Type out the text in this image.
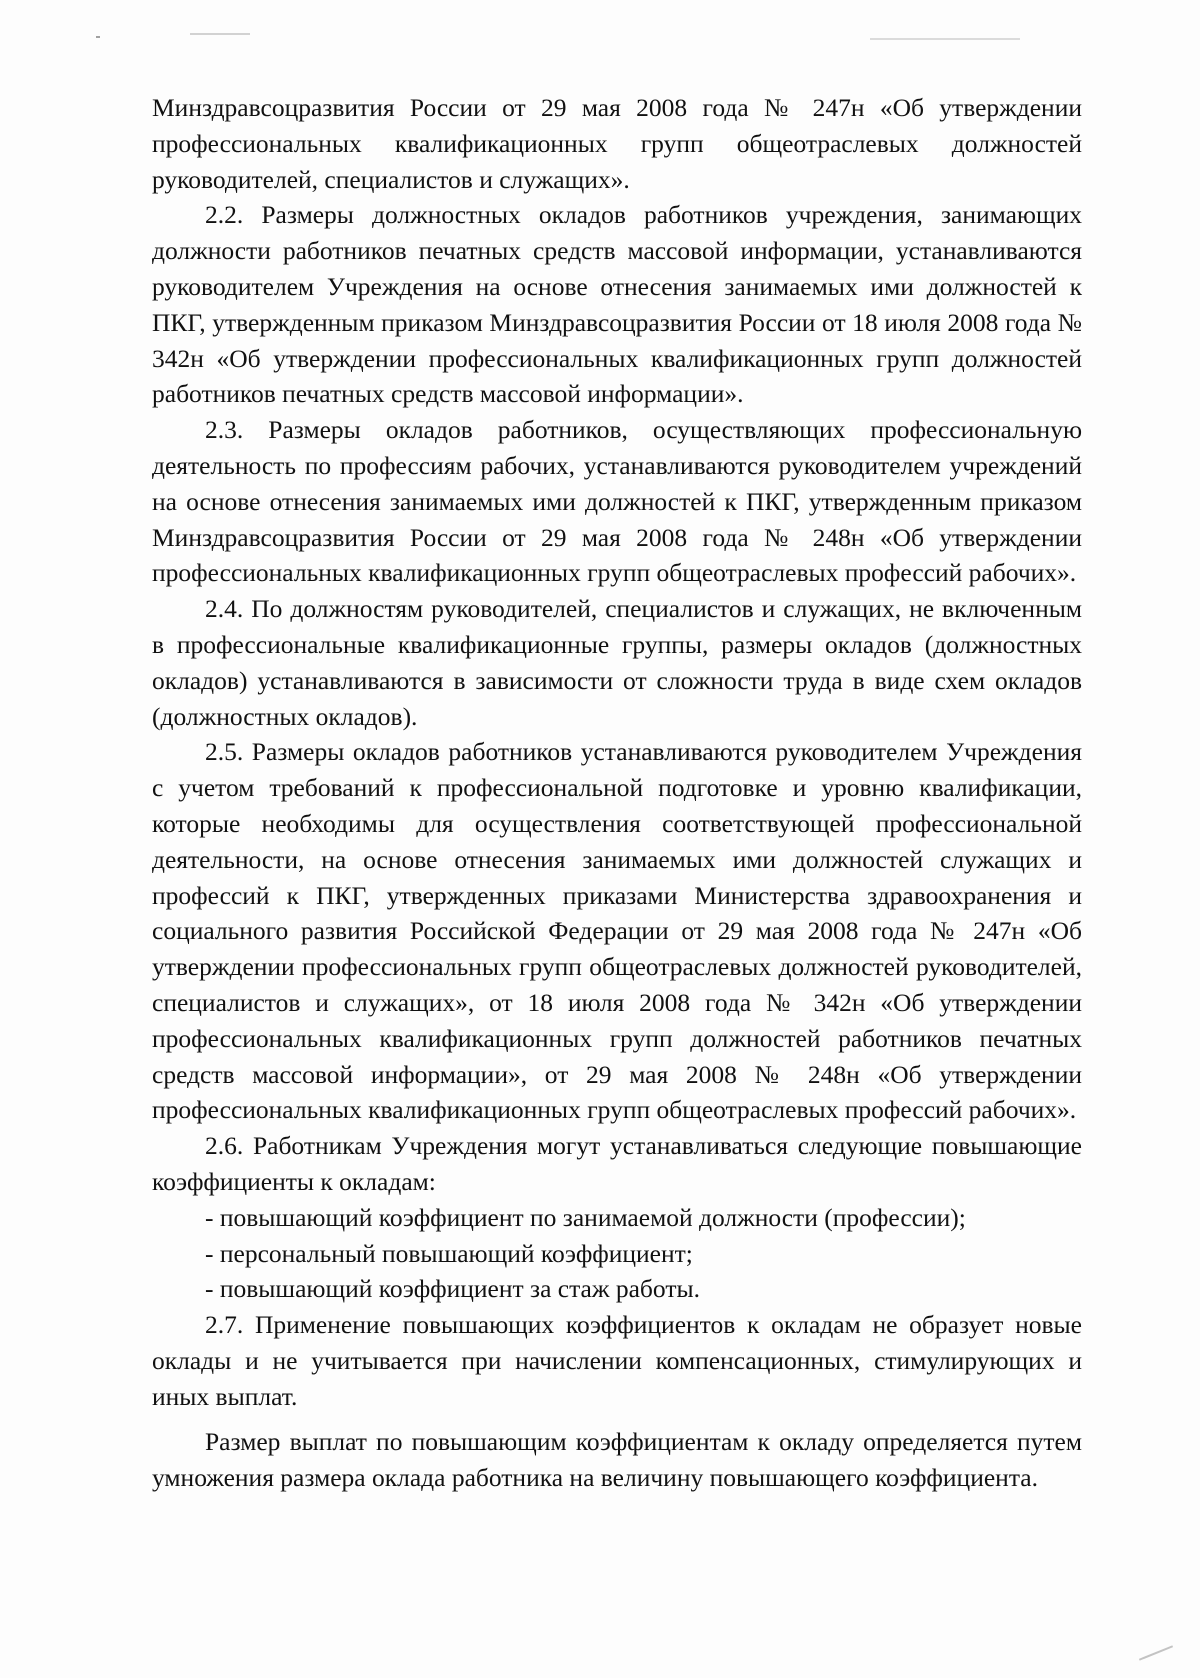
Минздравсоцразвития России от 29 мая 2008 года № 247н «Об утверждении профессиональных квалификационных групп общеотраслевых должностей руководителей, специалистов и служащих».

2.2. Размеры должностных окладов работников учреждения, занимающих должности работников печатных средств массовой информации, устанавливаются руководителем Учреждения на основе отнесения занимаемых ими должностей к ПКГ, утвержденным приказом Минздравсоцразвития России от 18 июля 2008 года № 342н «Об утверждении профессиональных квалификационных групп должностей работников печатных средств массовой информации».

2.3. Размеры окладов работников, осуществляющих профессиональную деятельность по профессиям рабочих, устанавливаются руководителем учреждений на основе отнесения занимаемых ими должностей к ПКГ, утвержденным приказом Минздравсоцразвития России от 29 мая 2008 года № 248н «Об утверждении профессиональных квалификационных групп общеотраслевых профессий рабочих».

2.4. По должностям руководителей, специалистов и служащих, не включенным в профессиональные квалификационные группы, размеры окладов (должностных окладов) устанавливаются в зависимости от сложности труда в виде схем окладов (должностных окладов).

2.5. Размеры окладов работников устанавливаются руководителем Учреждения с учетом требований к профессиональной подготовке и уровню квалификации, которые необходимы для осуществления соответствующей профессиональной деятельности, на основе отнесения занимаемых ими должностей служащих и профессий к ПКГ, утвержденных приказами Министерства здравоохранения и социального развития Российской Федерации от 29 мая 2008 года № 247н «Об утверждении профессиональных групп общеотраслевых должностей руководителей, специалистов и служащих», от 18 июля 2008 года № 342н «Об утверждении профессиональных квалификационных групп должностей работников печатных средств массовой информации», от 29 мая 2008 № 248н «Об утверждении профессиональных квалификационных групп общеотраслевых профессий рабочих».

2.6. Работникам Учреждения могут устанавливаться следующие повышающие коэффициенты к окладам:

- повышающий коэффициент по занимаемой должности (профессии);

- персональный повышающий коэффициент;

- повышающий коэффициент за стаж работы.

2.7. Применение повышающих коэффициентов к окладам не образует новые оклады и не учитывается при начислении компенсационных, стимулирующих и иных выплат.

Размер выплат по повышающим коэффициентам к окладу определяется путем умножения размера оклада работника на величину повышающего коэффициента.
